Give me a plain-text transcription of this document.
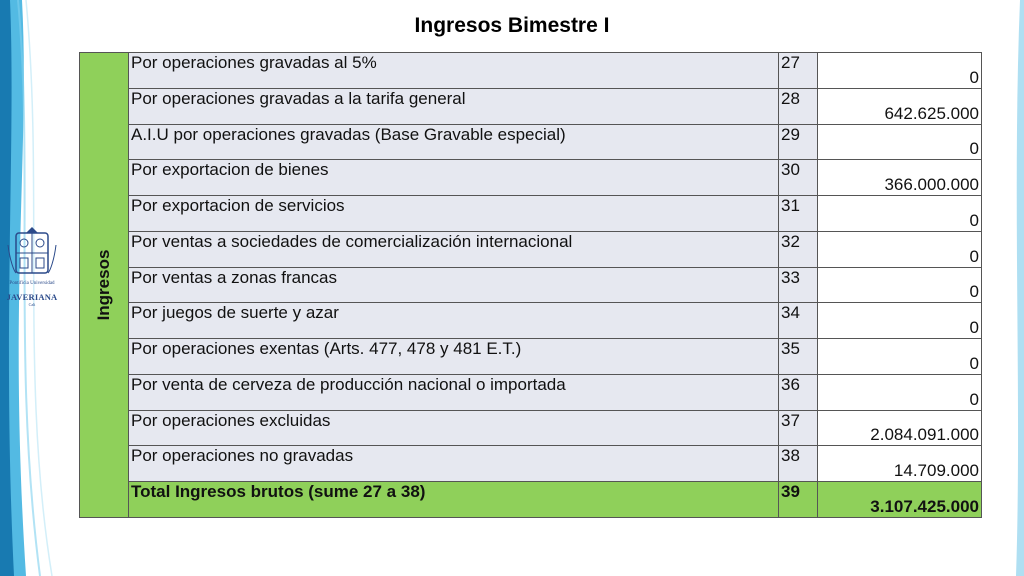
Pontificia Universidad
JAVERIANA
Cali
Ingresos Bimestre I
Ingresos	Por operaciones gravadas al 5%	27	0
	Por operaciones gravadas a la tarifa general	28	642.625.000
	A.I.U por operaciones gravadas (Base Gravable especial)	29	0
	Por exportacion de bienes	30	366.000.000
	Por exportacion de servicios	31	0
	Por ventas a sociedades de comercialización internacional	32	0
	Por ventas a zonas francas	33	0
	Por juegos de suerte y azar	34	0
	Por operaciones exentas (Arts. 477, 478 y 481 E.T.)	35	0
	Por venta de cerveza de producción nacional o importada	36	0
	Por operaciones excluidas	37	2.084.091.000
	Por operaciones no gravadas	38	14.709.000
	Total Ingresos brutos (sume 27 a 38)	39	3.107.425.000
